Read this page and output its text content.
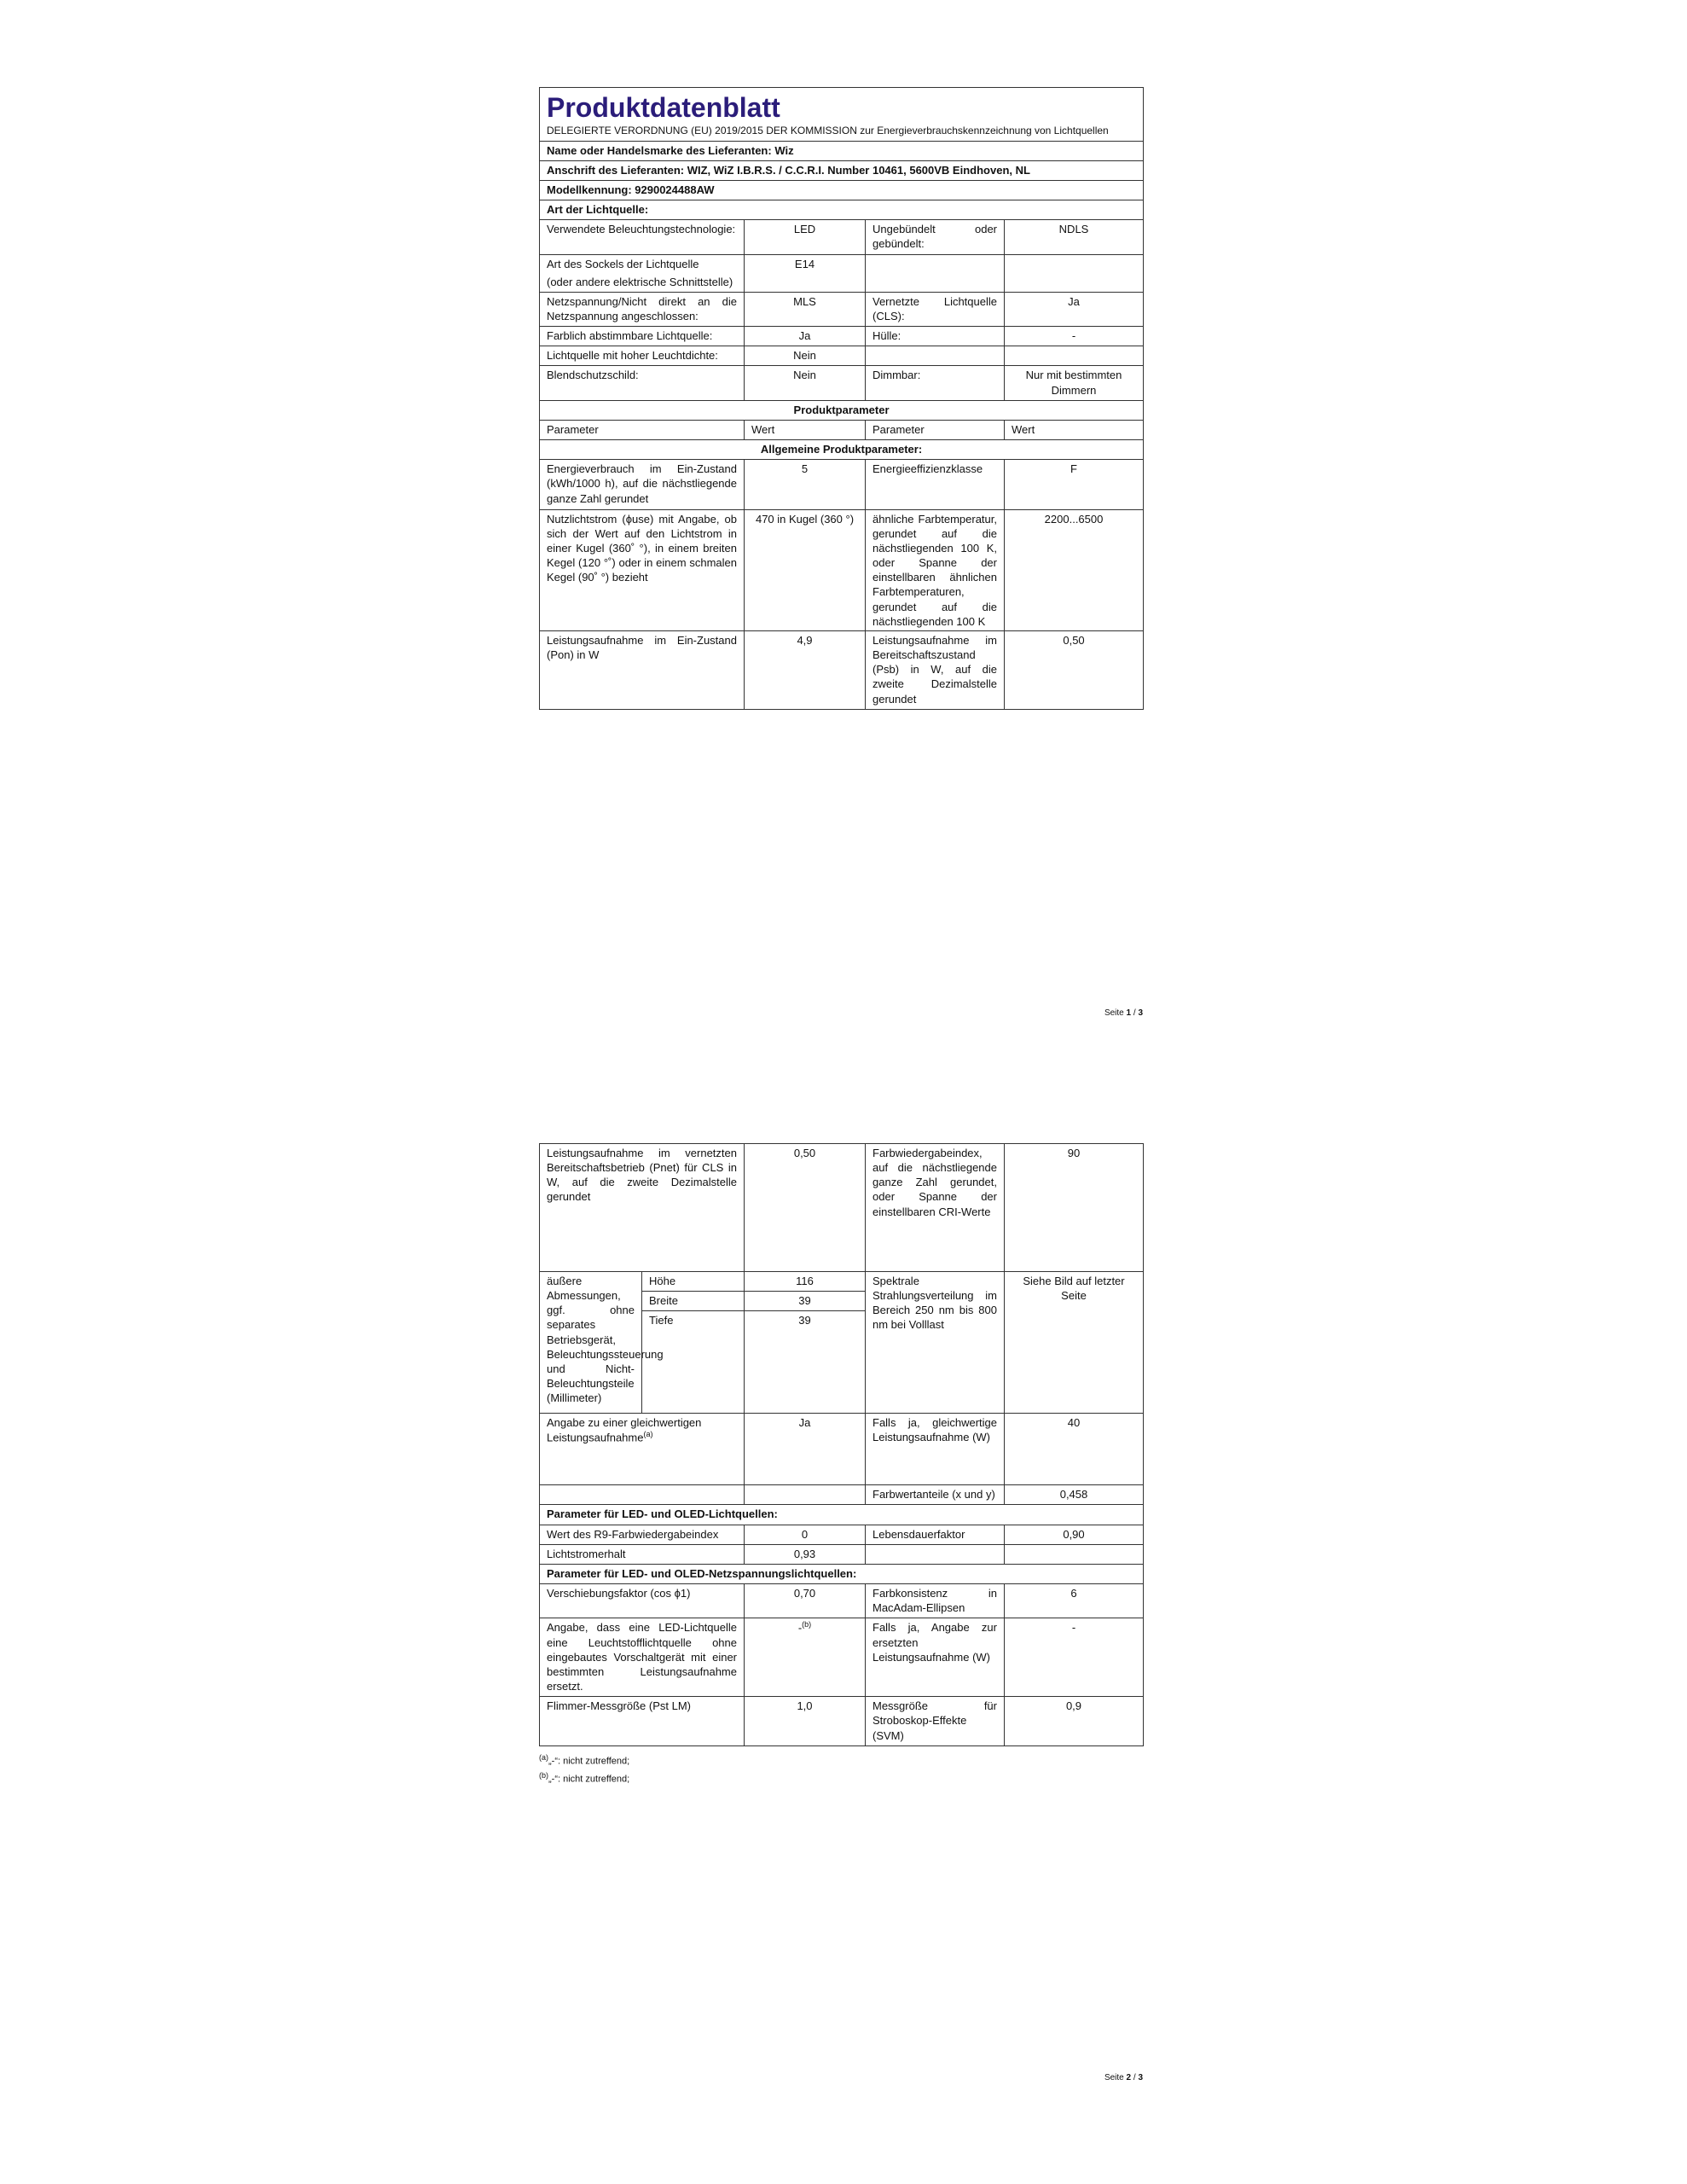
Produktdatenblatt
DELEGIERTE VERORDNUNG (EU) 2019/2015 DER KOMMISSION zur Energieverbrauchskennzeichnung von Lichtquellen			

Name oder Handelsmarke des Lieferanten: Wiz			
Anschrift des Lieferanten: WIZ, WiZ I.B.R.S. / C.C.R.I. Number 10461, 5600VB Eindhoven, NL			
Modellkennung: 9290024488AW			
Art der Lichtquelle:			
Verwendete Beleuchtungstechnologie:	LED	Ungebündelt oder gebündelt:	NDLS

Art des Sockels der Lichtquelle
(oder andere elektrische Schnittstelle)	E14		
Netzspannung/Nicht direkt an die Netzspannung angeschlossen:	MLS	Vernetzte Lichtquelle (CLS):	Ja
Farblich abstimmbare Lichtquelle:	Ja	Hülle:	-
Lichtquelle mit hoher Leuchtdichte:	Nein		
Blendschutzschild:	Nein	Dimmbar:	Nur mit bestimmten Dimmern
Produktparameter			
Parameter	Wert	Parameter	Wert
Allgemeine Produktparameter:			
Energieverbrauch im Ein-Zustand (kWh/1000 h), auf die nächstliegende ganze Zahl gerundet	5	Energieeffizienzklasse	F
Nutzlichtstrom (ϕuse) mit Angabe, ob sich der Wert auf den Lichtstrom in einer Kugel (360˚ °), in einem breiten Kegel (120 °˚) oder in einem schmalen Kegel (90˚ °) bezieht	470 in Kugel (360 °)	ähnliche Farbtemperatur, gerundet auf die nächstliegenden 100 K, oder Spanne der einstellbaren ähnlichen Farbtemperaturen, gerundet auf die nächstliegenden 100 K	2200...6500
Leistungsaufnahme im Ein-Zustand (Pon) in W	4,9	Leistungsaufnahme im Bereitschaftszustand (Psb) in W, auf die zweite Dezimalstelle gerundet	0,50
Seite 1 / 3
Leistungsaufnahme im vernetzten Bereitschaftsbetrieb (Pnet) für CLS in W, auf die zweite Dezimalstelle gerundet		0,50	Farbwiedergabeindex, auf die nächstliegende ganze Zahl gerundet, oder Spanne der einstellbaren CRI-Werte	90
äußere Abmessungen, ggf. ohne separates Betriebsgerät, Beleuchtungssteuerung und Nicht-Beleuchtungsteile (Millimeter)	Höhe	116	Spektrale Strahlungsverteilung im Bereich 250 nm bis 800 nm bei Volllast	Siehe Bild auf letzter Seite
	Breite	39		
	Tiefe	39		
Angabe zu einer gleichwertigen Leistungsaufnahme$^{(a)}$		Ja	Falls ja, gleichwertige Leistungsaufnahme (W)	40
			Farbwertanteile (x und y)	0,458
Parameter für LED- und OLED-Lichtquellen:				
Wert des R9-Farbwiedergabeindex		0	Lebensdauerfaktor	0,90
Lichtstromerhalt		0,93		
Parameter für LED- und OLED-Netzspannungslichtquellen:				
Verschiebungsfaktor (cos ϕ1)		0,70	Farbkonsistenz in MacAdam-Ellipsen	6
Angabe, dass eine LED-Lichtquelle eine Leuchtstofflichtquelle ohne eingebautes Vorschaltgerät mit einer bestimmten Leistungsaufnahme ersetzt.		-$^{(b)}$	Falls ja, Angabe zur ersetzten Leistungsaufnahme (W)	-
Flimmer-Messgröße (Pst LM)		1,0	Messgröße für Stroboskop-Effekte (SVM)	0,9
$^{(a)}$„-“: nicht zutreffend;
$^{(b)}$„-“: nicht zutreffend;
Seite 2 / 3
